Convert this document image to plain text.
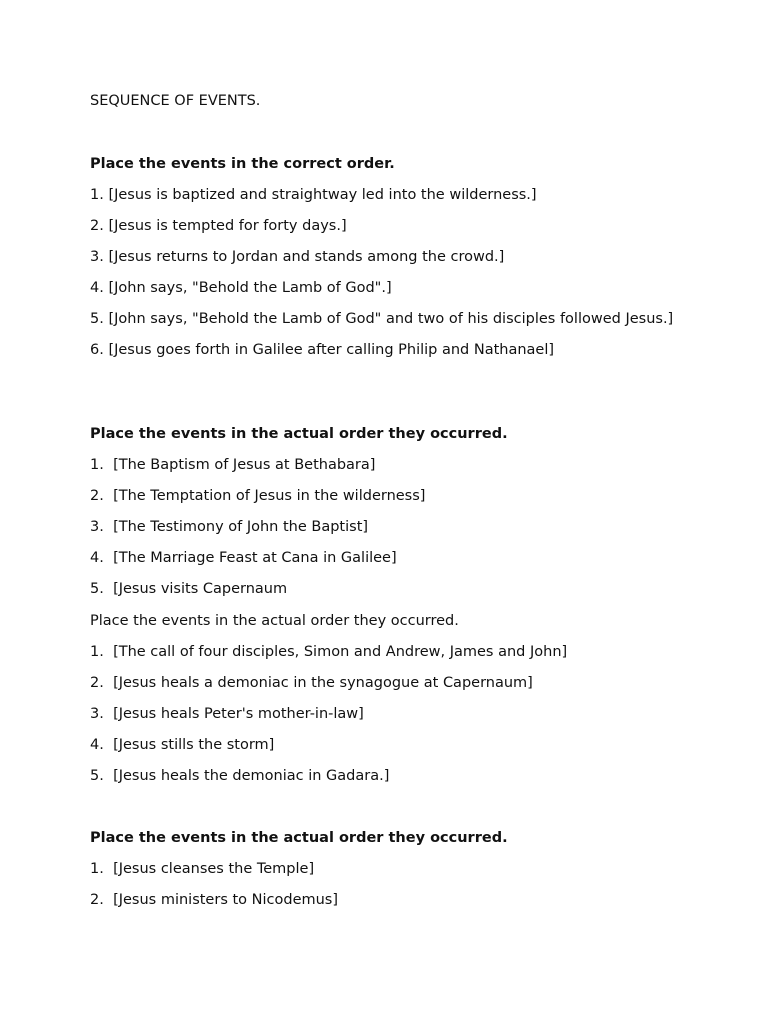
SEQUENCE OF EVENTS.
Place the events in the correct order.
1. [Jesus is baptized and straightway led into the wilderness.]
2. [Jesus is tempted for forty days.]
3. [Jesus returns to Jordan and stands among the crowd.]
4. [John says, "Behold the Lamb of God".]
5. [John says, "Behold the Lamb of God" and two of his disciples followed Jesus.]
6. [Jesus goes forth in Galilee after calling Philip and Nathanael]
Place the events in the actual order they occurred.
1. [The Baptism of Jesus at Bethabara]
2. [The Temptation of Jesus in the wilderness]
3. [The Testimony of John the Baptist]
4. [The Marriage Feast at Cana in Galilee]
5. [Jesus visits Capernaum
Place the events in the actual order they occurred.
1. [The call of four disciples, Simon and Andrew, James and John]
2. [Jesus heals a demoniac in the synagogue at Capernaum]
3. [Jesus heals Peter's mother-in-law]
4. [Jesus stills the storm]
5. [Jesus heals the demoniac in Gadara.]
Place the events in the actual order they occurred.
1. [Jesus cleanses the Temple]
2. [Jesus ministers to Nicodemus]
